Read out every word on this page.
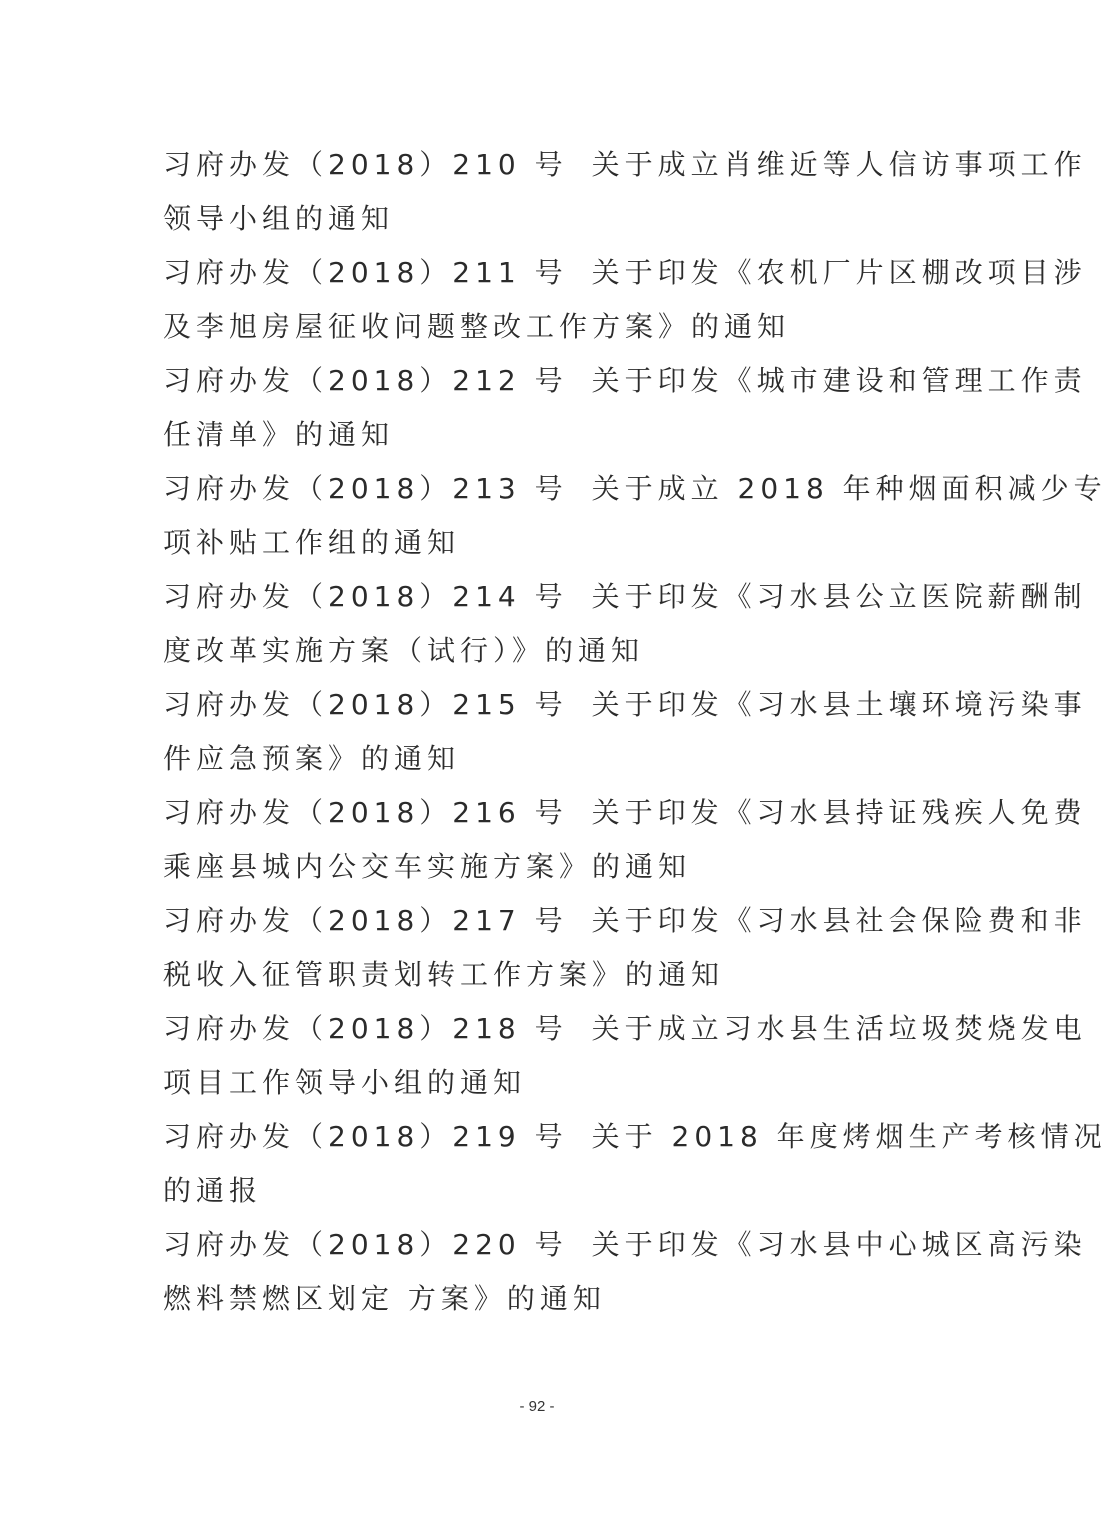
习府办发（2018）210 号 关于成立肖维近等人信访事项工作
领导小组的通知
习府办发（2018）211 号 关于印发《农机厂片区棚改项目涉
及李旭房屋征收问题整改工作方案》的通知
习府办发（2018）212 号 关于印发《城市建设和管理工作责
任清单》的通知
习府办发（2018）213 号 关于成立 2018 年种烟面积减少专
项补贴工作组的通知
习府办发（2018）214 号 关于印发《习水县公立医院薪酬制
度改革实施方案（试行）》的通知
习府办发（2018）215 号 关于印发《习水县土壤环境污染事
件应急预案》的通知
习府办发（2018）216 号 关于印发《习水县持证残疾人免费
乘座县城内公交车实施方案》的通知
习府办发（2018）217 号 关于印发《习水县社会保险费和非
税收入征管职责划转工作方案》的通知
习府办发（2018）218 号 关于成立习水县生活垃圾焚烧发电
项目工作领导小组的通知
习府办发（2018）219 号 关于 2018 年度烤烟生产考核情况
的通报
习府办发（2018）220 号 关于印发《习水县中心城区高污染
燃料禁燃区划定 方案》的通知
- 92 -
